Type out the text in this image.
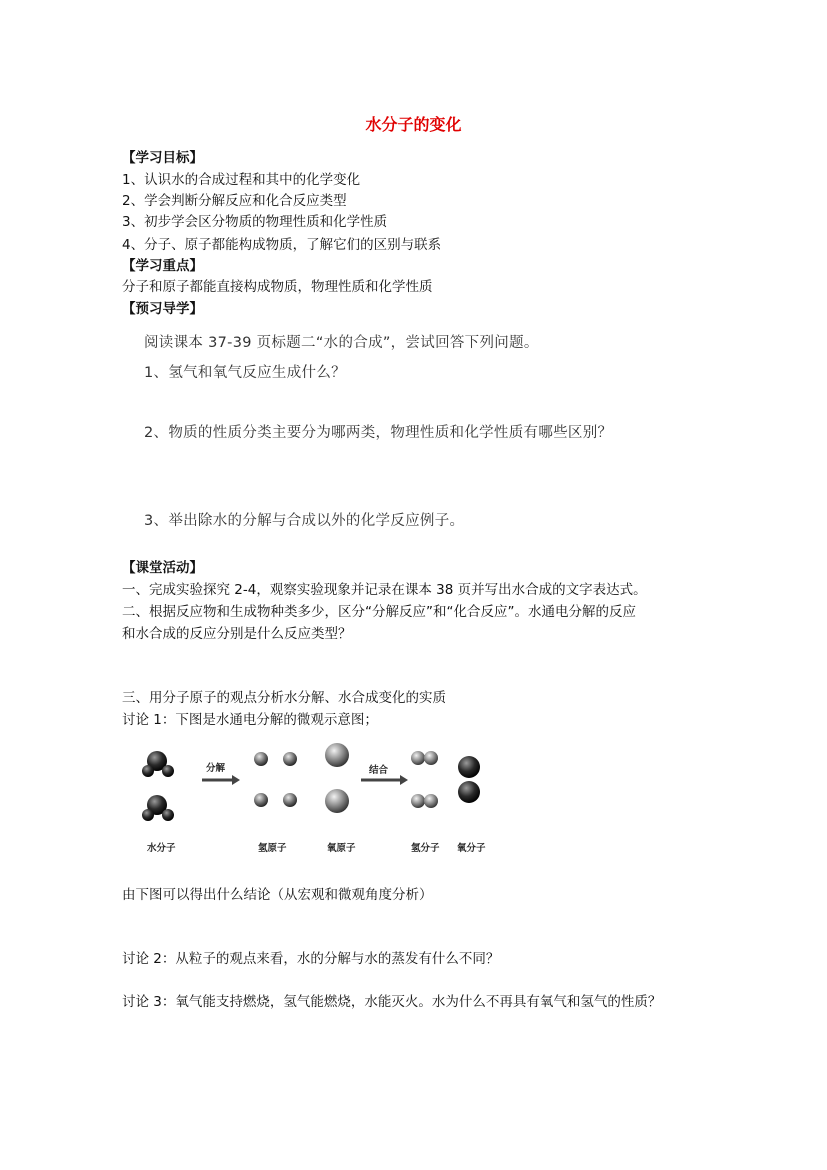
水分子的变化
【学习目标】
1、认识水的合成过程和其中的化学变化
2、学会判断分解反应和化合反应类型
3、初步学会区分物质的物理性质和化学性质
4、分子、原子都能构成物质，了解它们的区别与联系
【学习重点】
分子和原子都能直接构成物质，物理性质和化学性质
【预习导学】
阅读课本 37-39 页标题二“水的合成”，尝试回答下列问题。
1、氢气和氧气反应生成什么？
2、物质的性质分类主要分为哪两类，物理性质和化学性质有哪些区别？
3、举出除水的分解与合成以外的化学反应例子。
【课堂活动】
一、完成实验探究 2-4，观察实验现象并记录在课本 38 页并写出水合成的文字表达式。
二、根据反应物和生成物种类多少，区分“分解反应”和“化合反应”。水通电分解的反应
和水合成的反应分别是什么反应类型？
三、用分子原子的观点分析水分解、水合成变化的实质
讨论 1：下图是水通电分解的微观示意图；
分解	结合
水分子	氢原子	氧原子	氢分子 氧分子
由下图可以得出什么结论（从宏观和微观角度分析）
讨论 2：从粒子的观点来看，水的分解与水的蒸发有什么不同？
讨论 3：氧气能支持燃烧，氢气能燃烧，水能灭火。水为什么不再具有氧气和氢气的性质？
